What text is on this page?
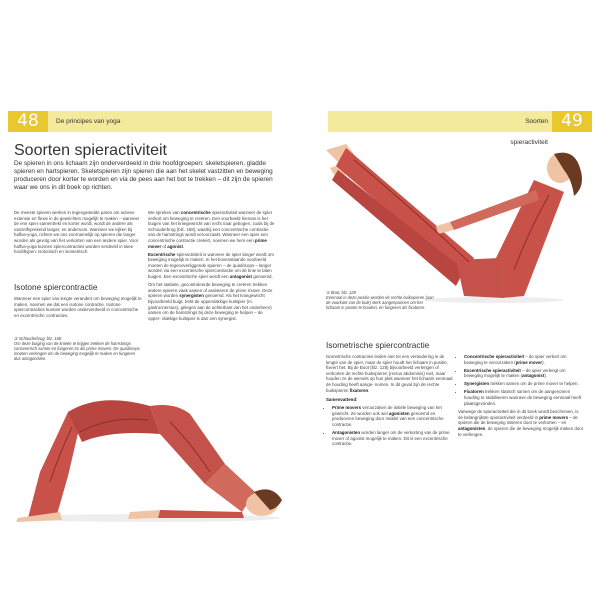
48	De principes van yoga
Soorten spieractiviteit
De spieren in ons lichaam zijn onderverdeeld in drie hoofdgroepen: skeletspieren, gladde spieren en hartspieren. Skeletspieren zijn spieren die aan het skelet vastzitten en beweging produceren door korter te worden en via de pees aan het bot te trekken – dit zijn de spieren waar we ons in dit boek op richten.

De meeste spieren werken in tegengestelde paren om actieve extensie en flexie in de gewrichten mogelijk te maken – wanneer de ene spier samentrekt en korter wordt, wordt de andere als vanzelfsprekend langer, en andersom. Wanneer we kijken bij halfva-yoga, richten we ons voornamelijk op spieren die langer worden als gevolg van het verkorten van een andere spier. Voor halfva-yoga kunnen spiercontracties worden verdeeld in twee hoofdtypen: isotonisch en isometrisch.

Isotone spiercontractie

Wanneer een spier van lengte verandert om beweging mogelijk te maken, noemen we dat een isotone contractie. Isotone spiercontracties kunnen worden onderverdeeld in concentrische en excentrische contracties.

We spreken van concentrische spieractiviteit wanneer de spier verkort om beweging te creëren. Een voorbeeld hiervan is het buigen van het kniegewricht van recht naar gebogen, zoals bij de Schouderbrug (blz. 168), waarbij een concentrische contractie van de hamstrings wordt veroorzaakt. Wanneer een spier een concentrische contractie creëert, noemen we hem een prime mover of agonist.

Excentrische spieractiviteit is wanneer de spier langer wordt om beweging mogelijk te maken. In het bovenstaande voorbeeld moeten de tegenoverliggende spieren – de quadriceps – langer worden via een excentrische spiercontractie om de knie te laten buigen. Een excentrische spier wordt een antagonist genoemd.

Om het stabiele, gecontroleerde beweging te creëren trekken andere spieren vaak samen of assisteren de prime mover. Deze spieren worden synergisten genoemd. Als het kniegewricht bijvoorbeeld buigt, trekt de oppervlakkige kuitspier (m. gastrocnemius), gelegen aan de achterkant van het onderbeen) samen om de hamstrings bij deze beweging te helpen – de opper- vlakkige kuitspier is dan een synergist.

① Schouderbrug, blz. 168
Om deze buiging van de knieën te krijgen trekken de hamstrings concentrisch samen en fungeren zo als prime movers. De quadriceps moeten verlengen om de beweging mogelijk te maken en fungeren dus antagonisten.
49
Soorten spieractiviteit
① Boot, blz. 128
Eenmaal in deze positie worden de rechte buikspieren (aan de voorkant van de buik) sterk aangespannen om het lichaam in positie te houden, en fungeren als fixatoren.
Isometrische spiercontractie

Isometrische contracties leiden niet tot een verandering in de lengte van de spier, maar de spier houdt het lichaam in positie, fixeert het. Bij de Boot (blz. 128) bijvoorbeeld verlengen of verkorten de rechte buikspieren (rectus abdominis) niet, maar houden ze de wervels op hun plek wanneer het lichaam eenmaal de houding heeft aange- nomen. In dit geval zijn de rechte buikspieren fixatoren.

Samenvattend:

• Prime movers veroorzaken de initiële beweging van het gewricht. Ze worden ook wel agonisten genoemd en produceren beweging door middel van een concentrische contractie.
• Antagonisten worden langer om de verkorting van de prime mover of agonist mogelijk te maken. Dit is een excentrische contractie.
• Concentrische spieractiviteit – de spier verkort om beweging te veroorzaken (prime mover).
• Excentrische spieractiviteit – de spier verlengt om beweging mogelijk te maken (antagonist).
• Synergisten trekken samen om de prime mover te helpen.
• Fixatoren trekken statisch samen om de aangenomen houding te stabiliseren wanneer de beweging eenmaal heeft plaatsgevonden.

Vanwege de spieractiviteit die in dit boek wordt beschreven, is de belangrijkste spieractiviteit verdeeld in prime movers – de spieren die de beweging initiëren door te verkorten – en antagonisten, de spieren die de beweging mogelijk maken door te verlengen.
